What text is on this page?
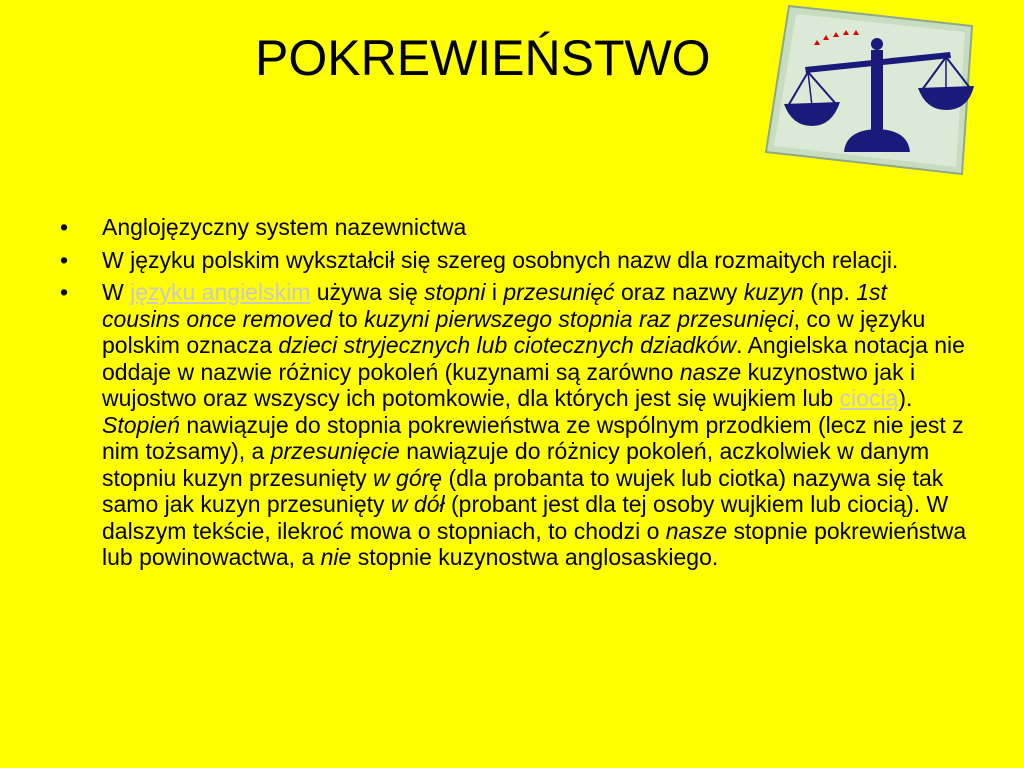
POKREWIEŃSTWO
• Anglojęzyczny system nazewnictwa
• W języku polskim wykształcił się szereg osobnych nazw dla rozmaitych relacji.
• W języku angielskim używa się stopni i przesunięć oraz nazwy kuzyn (np. 1st cousins once removed to kuzyni pierwszego stopnia raz przesunięci, co w języku polskim oznacza dzieci stryjecznych lub ciotecznych dziadków. Angielska notacja nie oddaje w nazwie różnicy pokoleń (kuzynami są zarówno nasze kuzynostwo jak i wujostwo oraz wszyscy ich potomkowie, dla których jest się wujkiem lub ciocią). Stopień nawiązuje do stopnia pokrewieństwa ze wspólnym przodkiem (lecz nie jest z nim tożsamy), a przesunięcie nawiązuje do różnicy pokoleń, aczkolwiek w danym stopniu kuzyn przesunięty w górę (dla probanta to wujek lub ciotka) nazywa się tak samo jak kuzyn przesunięty w dół (probant jest dla tej osoby wujkiem lub ciocią). W dalszym tekście, ilekroć mowa o stopniach, to chodzi o nasze stopnie pokrewieństwa lub powinowactwa, a nie stopnie kuzynostwa anglosaskiego.
